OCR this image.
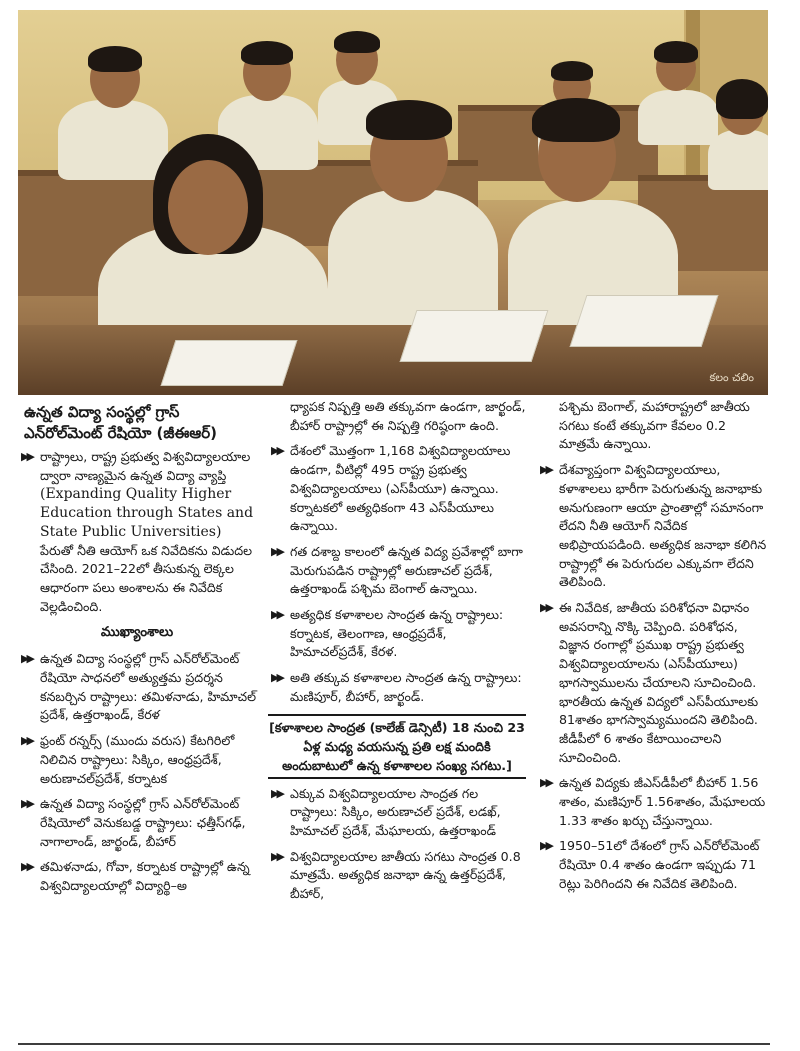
కలం చలిం
ఉన్నత విద్యా సంస్థల్లో గ్రాస్ ఎన్‌రోల్‌మెంట్ రేషియో (జీఈఆర్)
▶▶ రాష్ట్రాలు, రాష్ట్ర ప్రభుత్వ విశ్వవిద్యాలయాల ద్వారా నాణ్యమైన ఉన్నత విద్యా వ్యాప్తి (Expanding Quality Higher Education through States and State Public Universities) పేరుతో నీతి ఆయోగ్ ఒక నివేదికను విడుదల చేసింది. 2021–22లో తీసుకున్న లెక్కల ఆధారంగా పలు అంశాలను ఈ నివేదిక వెల్లడించింది.
ముఖ్యాంశాలు
▶▶ ఉన్నత విద్యా సంస్థల్లో గ్రాస్ ఎన్‌రోల్‌మెంట్ రేషియో సాధనలో అత్యుత్తమ ప్రదర్శన కనబర్చిన రాష్ట్రాలు: తమిళనాడు, హిమాచల్ ప్రదేశ్, ఉత్తరాఖండ్, కేరళ
▶▶ ఫ్రంట్ రన్నర్స్ (ముందు వరుస) కేటగిరిలో నిలిచిన రాష్ట్రాలు: సిక్కిం, ఆంధ్రప్రదేశ్, అరుణాచల్‌ప్రదేశ్, కర్నాటక
▶▶ ఉన్నత విద్యా సంస్థల్లో గ్రాస్ ఎన్‌రోల్‌మెంట్ రేషియోలో వెనుకబడ్డ రాష్ట్రాలు: ఛత్తీస్‌గఢ్, నాగాలాండ్, జార్ఖండ్, బీహార్
▶▶ తమిళనాడు, గోవా, కర్నాటక రాష్ట్రాల్లో ఉన్న విశ్వవిద్యాలయాల్లో విద్యార్థి–అ
ధ్యాపక నిష్పత్తి అతి తక్కువగా ఉండగా, జార్ఖండ్, బీహార్ రాష్ట్రాల్లో ఈ నిష్పత్తి గరిష్ఠంగా ఉంది.
▶▶ దేశంలో మొత్తంగా 1,168 విశ్వవిద్యాలయాలు ఉండగా, వీటిల్లో 495 రాష్ట్ర ప్రభుత్వ విశ్వవిద్యాలయాలు (ఎస్‌పీయూ) ఉన్నాయి. కర్నాటకలో అత్యధికంగా 43 ఎస్‌పీయూలు ఉన్నాయి.
▶▶ గత దశాబ్ద కాలంలో ఉన్నత విద్య ప్రవేశాల్లో బాగా మెరుగుపడిన రాష్ట్రాల్లో అరుణాచల్ ప్రదేశ్, ఉత్తరాఖండ్ పశ్చిమ బెంగాల్ ఉన్నాయి.
▶▶ అత్యధిక కళాశాలల సాంద్రత ఉన్న రాష్ట్రాలు: కర్నాటక, తెలంగాణ, ఆంధ్రప్రదేశ్, హిమాచల్‌ప్రదేశ్, కేరళ.
▶▶ అతి తక్కువ కళాశాలల సాంద్రత ఉన్న రాష్ట్రాలు: మణిపూర్, బీహార్, జార్ఖండ్.
[కళాశాలల సాంద్రత (కాలేజ్ డెన్సిటీ) 18 నుంచి 23 ఏళ్ల మధ్య వయసున్న ప్రతి లక్ష మందికి అందుబాటులో ఉన్న కళాశాలల సంఖ్య సగటు.]
▶▶ ఎక్కువ విశ్వవిద్యాలయాల సాంద్రత గల రాష్ట్రాలు: సిక్కిం, అరుణాచల్ ప్రదేశ్, లడఖ్, హిమాచల్ ప్రదేశ్, మేఘాలయ, ఉత్తరాఖండ్
▶▶ విశ్వవిద్యాలయాల జాతీయ సగటు సాంద్రత 0.8 మాత్రమే. అత్యధిక జనాభా ఉన్న ఉత్తర్‌ప్రదేశ్, బీహార్,
పశ్చిమ బెంగాల్, మహారాష్ట్రలో జాతీయ సగటు కంటే తక్కువగా కేవలం 0.2 మాత్రమే ఉన్నాయి.
▶▶ దేశవ్యాప్తంగా విశ్వవిద్యాలయాలు, కళాశాలలు భారీగా పెరుగుతున్న జనాభాకు అనుగుణంగా ఆయా ప్రాంతాల్లో సమానంగా లేదని నీతి ఆయోగ్ నివేదిక అభిప్రాయపడింది. అత్యధిక జనాభా కలిగిన రాష్ట్రాల్లో ఈ పెరుగుదల ఎక్కువగా లేదని తెలిపింది.
▶▶ ఈ నివేదిక, జాతీయ పరిశోధనా విధానం అవసరాన్ని నొక్కి చెప్పింది. పరిశోధన, విజ్ఞాన రంగాల్లో ప్రముఖ రాష్ట్ర ప్రభుత్వ విశ్వవిద్యాలయాలను (ఎస్‌పీయూలు) భాగస్వాములను చేయాలని సూచించింది. భారతీయ ఉన్నత విద్యలో ఎస్‌పీయూలకు 81శాతం భాగస్వామ్యముందని తెలిపింది. జీడీపీలో 6 శాతం కేటాయించాలని సూచించింది.
▶▶ ఉన్నత విద్యకు జీఎస్‌డీపీలో బీహార్ 1.56 శాతం, మణిపూర్ 1.56శాతం, మేఘాలయ 1.33 శాతం ఖర్చు చేస్తున్నాయి.
▶▶ 1950–51లో దేశంలో గ్రాస్ ఎన్‌రోల్‌మెంట్ రేషియో 0.4 శాతం ఉండగా ఇప్పుడు 71 రెట్లు పెరిగిందని ఈ నివేదిక తెలిపింది.
